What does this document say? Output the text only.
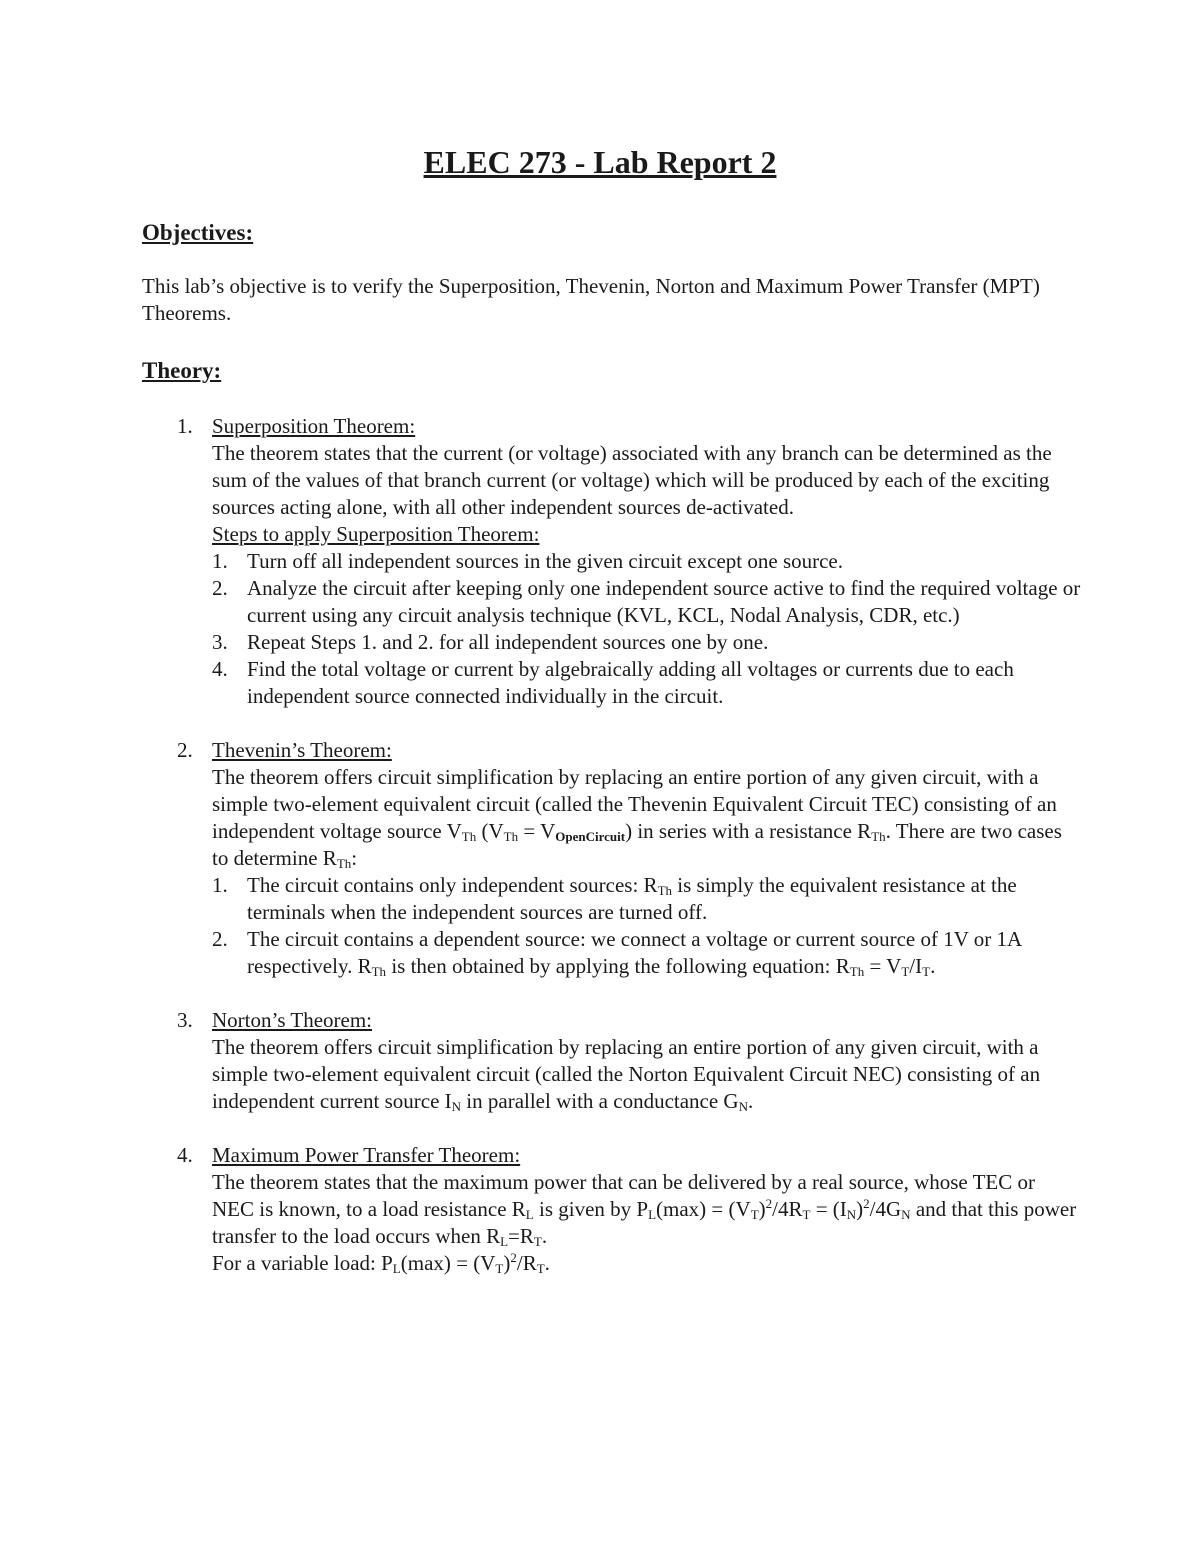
ELEC 273 - Lab Report 2
Objectives:
This lab’s objective is to verify the Superposition, Thevenin, Norton and Maximum Power Transfer (MPT) Theorems.
Theory:
1. Superposition Theorem:
The theorem states that the current (or voltage) associated with any branch can be determined as the sum of the values of that branch current (or voltage) which will be produced by each of the exciting sources acting alone, with all other independent sources de-activated.
Steps to apply Superposition Theorem:
1. Turn off all independent sources in the given circuit except one source.
2. Analyze the circuit after keeping only one independent source active to find the required voltage or current using any circuit analysis technique (KVL, KCL, Nodal Analysis, CDR, etc.)
3. Repeat Steps 1. and 2. for all independent sources one by one.
4. Find the total voltage or current by algebraically adding all voltages or currents due to each independent source connected individually in the circuit.
2. Thevenin’s Theorem:
The theorem offers circuit simplification by replacing an entire portion of any given circuit, with a simple two-element equivalent circuit (called the Thevenin Equivalent Circuit TEC) consisting of an independent voltage source $V_{Th}$ $(V_{Th} = V_{OpenCircuit})$ in series with a resistance $R_{Th}$. There are two cases to determine $R_{Th}$:
1. The circuit contains only independent sources: $R_{Th}$ is simply the equivalent resistance at the terminals when the independent sources are turned off.
2. The circuit contains a dependent source: we connect a voltage or current source of 1V or 1A respectively. $R_{Th}$ is then obtained by applying the following equation: $R_{Th} = V_T/I_T$.
3. Norton’s Theorem:
The theorem offers circuit simplification by replacing an entire portion of any given circuit, with a simple two-element equivalent circuit (called the Norton Equivalent Circuit NEC) consisting of an independent current source $I_N$ in parallel with a conductance $G_N$.
4. Maximum Power Transfer Theorem:
The theorem states that the maximum power that can be delivered by a real source, whose TEC or NEC is known, to a load resistance $R_L$ is given by $P_L(\max) = (V_T)^2/4R_T = (I_N)^2/4G_N$ and that this power transfer to the load occurs when $R_L=R_T$.
For a variable load: $P_L(\max) = (V_T)^2/R_T$.
